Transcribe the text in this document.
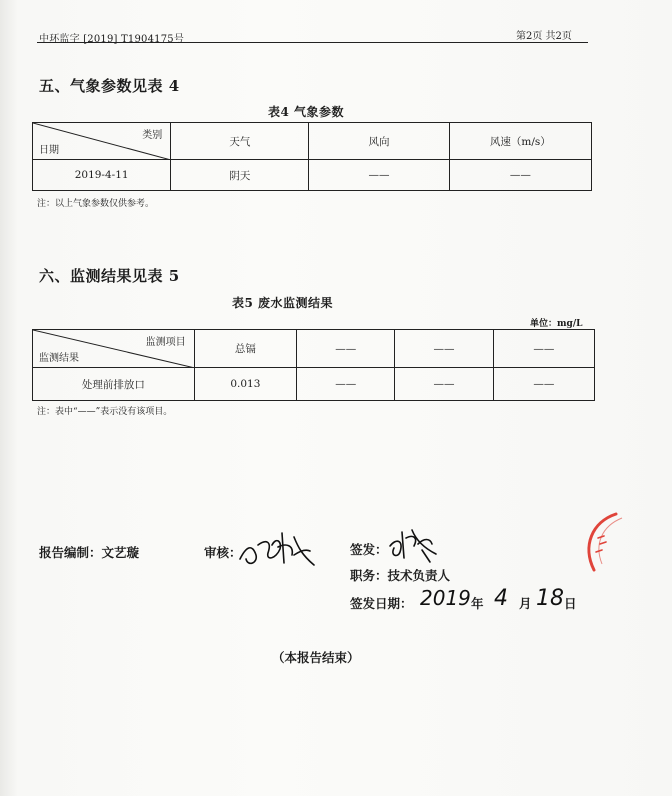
中环监字 [2019] T1904175号	第2页 共2页
五、气象参数见表 4
表4 气象参数
类别
日期	天气	风向	风速（m/s）
2019-4-11	阴天	——	——
注：以上气象参数仅供参考。
六、监测结果见表 5
表5 废水监测结果
单位：mg/L
监测项目
监测结果	总镉	——	——	——
处理前排放口	0.013	——	——	——
注：表中“——”表示没有该项目。
报告编制：文艺璇	审核：	签发：
职务：技术负责人
签发日期： 2019 年 4 月 18 日
（本报告结束）
